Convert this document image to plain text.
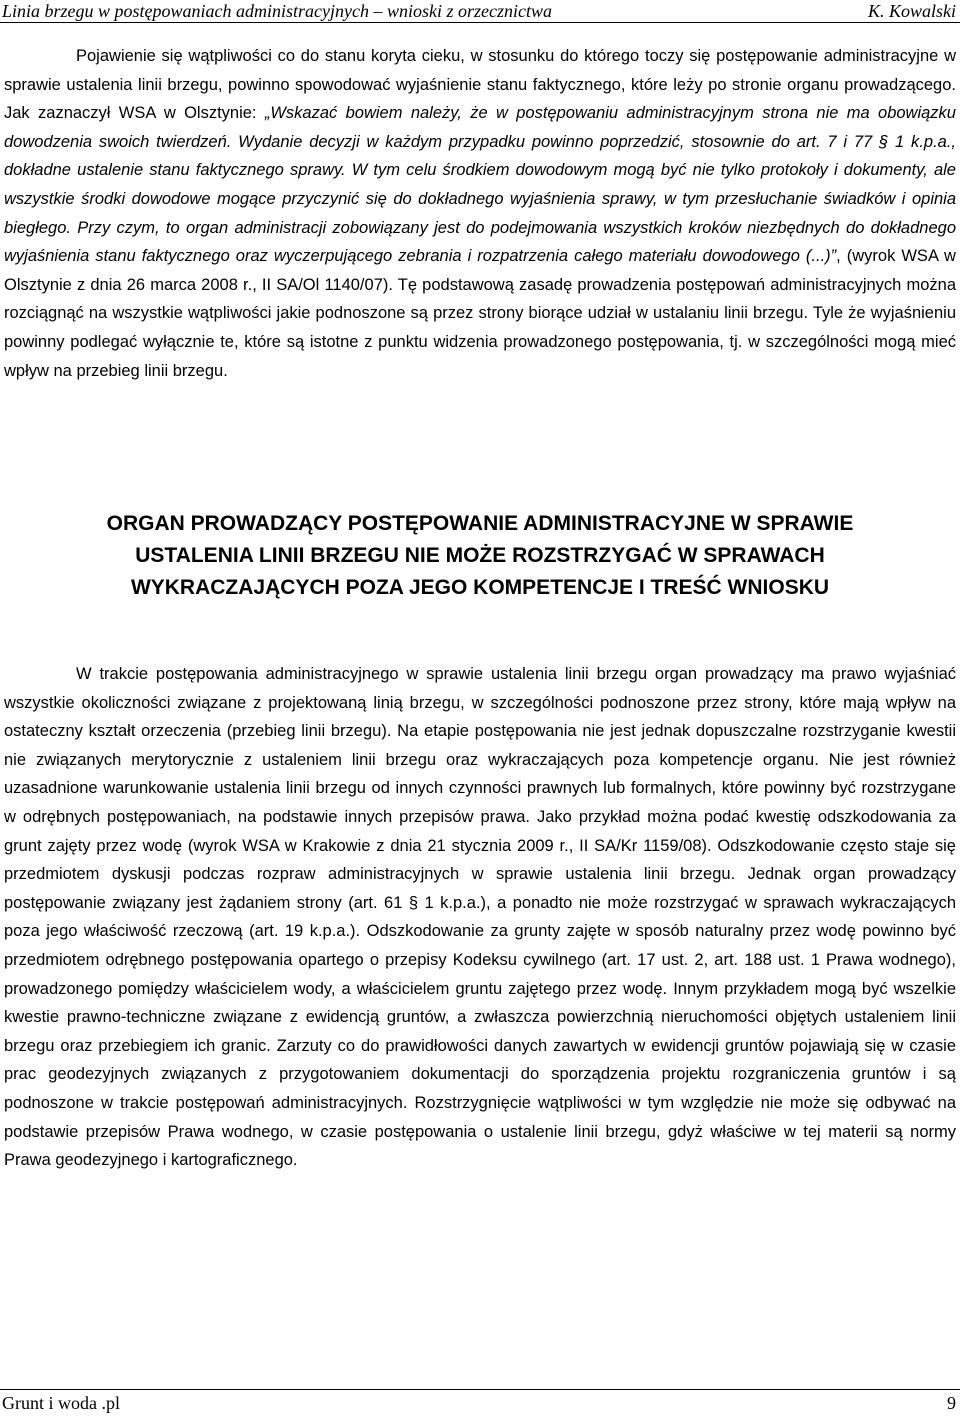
Linia brzegu w postępowaniach administracyjnych – wnioski z orzecznictwa	K. Kowalski

Pojawienie się wątpliwości co do stanu koryta cieku, w stosunku do którego toczy się postępowanie administracyjne w sprawie ustalenia linii brzegu, powinno spowodować wyjaśnienie stanu faktycznego, które leży po stronie organu prowadzącego. Jak zaznaczył WSA w Olsztynie: „Wskazać bowiem należy, że w postępowaniu administracyjnym strona nie ma obowiązku dowodzenia swoich twierdzeń. Wydanie decyzji w każdym przypadku powinno poprzedzić, stosownie do art. 7 i 77 § 1 k.p.a., dokładne ustalenie stanu faktycznego sprawy. W tym celu środkiem dowodowym mogą być nie tylko protokoły i dokumenty, ale wszystkie środki dowodowe mogące przyczynić się do dokładnego wyjaśnienia sprawy, w tym przesłuchanie świadków i opinia biegłego. Przy czym, to organ administracji zobowiązany jest do podejmowania wszystkich kroków niezbędnych do dokładnego wyjaśnienia stanu faktycznego oraz wyczerpującego zebrania i rozpatrzenia całego materiału dowodowego (...)”, (wyrok WSA w Olsztynie z dnia 26 marca 2008 r., II SA/Ol 1140/07). Tę podstawową zasadę prowadzenia postępowań administracyjnych można rozciągnąć na wszystkie wątpliwości jakie podnoszone są przez strony biorące udział w ustalaniu linii brzegu. Tyle że wyjaśnieniu powinny podlegać wyłącznie te, które są istotne z punktu widzenia prowadzonego postępowania, tj. w szczególności mogą mieć wpływ na przebieg linii brzegu.

ORGAN PROWADZĄCY POSTĘPOWANIE ADMINISTRACYJNE W SPRAWIE
USTALENIA LINII BRZEGU NIE MOŻE ROZSTRZYGAĆ W SPRAWACH
WYKRACZAJĄCYCH POZA JEGO KOMPETENCJE I TREŚĆ WNIOSKU

W trakcie postępowania administracyjnego w sprawie ustalenia linii brzegu organ prowadzący ma prawo wyjaśniać wszystkie okoliczności związane z projektowaną linią brzegu, w szczególności podnoszone przez strony, które mają wpływ na ostateczny kształt orzeczenia (przebieg linii brzegu). Na etapie postępowania nie jest jednak dopuszczalne rozstrzyganie kwestii nie związanych merytorycznie z ustaleniem linii brzegu oraz wykraczających poza kompetencje organu. Nie jest również uzasadnione warunkowanie ustalenia linii brzegu od innych czynności prawnych lub formalnych, które powinny być rozstrzygane w odrębnych postępowaniach, na podstawie innych przepisów prawa. Jako przykład można podać kwestię odszkodowania za grunt zajęty przez wodę (wyrok WSA w Krakowie z dnia 21 stycznia 2009 r., II SA/Kr 1159/08). Odszkodowanie często staje się przedmiotem dyskusji podczas rozpraw administracyjnych w sprawie ustalenia linii brzegu. Jednak organ prowadzący postępowanie związany jest żądaniem strony (art. 61 § 1 k.p.a.), a ponadto nie może rozstrzygać w sprawach wykraczających poza jego właściwość rzeczową (art. 19 k.p.a.). Odszkodowanie za grunty zajęte w sposób naturalny przez wodę powinno być przedmiotem odrębnego postępowania opartego o przepisy Kodeksu cywilnego (art. 17 ust. 2, art. 188 ust. 1 Prawa wodnego), prowadzonego pomiędzy właścicielem wody, a właścicielem gruntu zajętego przez wodę. Innym przykładem mogą być wszelkie kwestie prawno-techniczne związane z ewidencją gruntów, a zwłaszcza powierzchnią nieruchomości objętych ustaleniem linii brzegu oraz przebiegiem ich granic. Zarzuty co do prawidłowości danych zawartych w ewidencji gruntów pojawiają się w czasie prac geodezyjnych związanych z przygotowaniem dokumentacji do sporządzenia projektu rozgraniczenia gruntów i są podnoszone w trakcie postępowań administracyjnych. Rozstrzygnięcie wątpliwości w tym względzie nie może się odbywać na podstawie przepisów Prawa wodnego, w czasie postępowania o ustalenie linii brzegu, gdyż właściwe w tej materii są normy Prawa geodezyjnego i kartograficznego.

Grunt i woda .pl	9
